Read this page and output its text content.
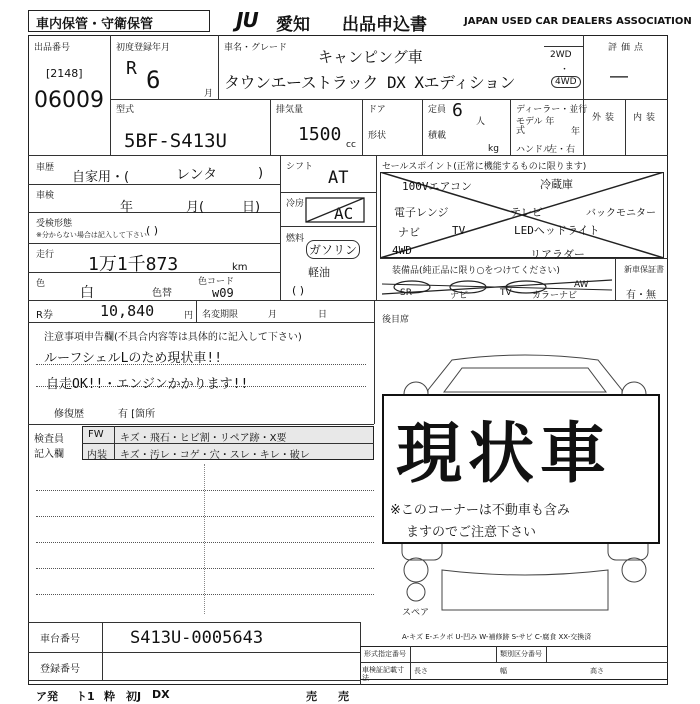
車内保管・守衛保管	JU 愛知 出品申込書	JAPAN USED CAR DEALERS ASSOCIATION
出品番号
[2148]
06009
初度登録年月
R 6	月
車名・グレード キャンピング車
タウンエーストラック DX Xエディション
2WD
・
4WD
評価点
―
外装 内装
型式
5BF-S413U
排気量
1500 cc
ドア
形状
定員 6
人
積載
kg
ディーラー・並行
モデル 年式	年
ハンドル
左・右
車歴
自家用・(	レンタ	)
車検
年	月(	日)
受検形態
※分からない場合は記入して下さい ( )
走行 1万1千873	km
色
白	色替
色コード
w09
R券	10,840	円 名変期限	月	日
シフト
AT
冷房 AC
燃料
ガソリン
軽油
( )
セールスポイント(正常に機能するものに限ります)
100Vエアコン	冷蔵庫
電子レンジ	テレビ	バックモニター
ナビ	TV	LEDヘッドライト
4WD	リアラダー
装備品(純正品に限り○をつけてください)
SR	ナビ	TV カラーナビ
AW
新車保証書
有・無
注意事項申告欄(不具合内容等は具体的に記入して下さい)
ルーフシェルLのため現状車!!
自走OK!!・エンジンかかります!!
修復歴	有 [箇所
後目席
検査員
記入欄
FW キズ・飛石・ヒビ割・リペア跡・X要
内装 キズ・汚レ・コゲ・穴・スレ・キレ・破レ
スペア
A-キズ E-エクボ U-凹み W-補修跡 S-サビ C-腐食 XX-交換済
現状車
※このコーナーは不動車も含み
ますのでご注意下さい
車台番号	S413U-0005643
登録番号
形式指定番号	類別区分番号
車検証記載寸法
長さ	幅	高さ
ア発 ト1 粋 初J DX	売 売
